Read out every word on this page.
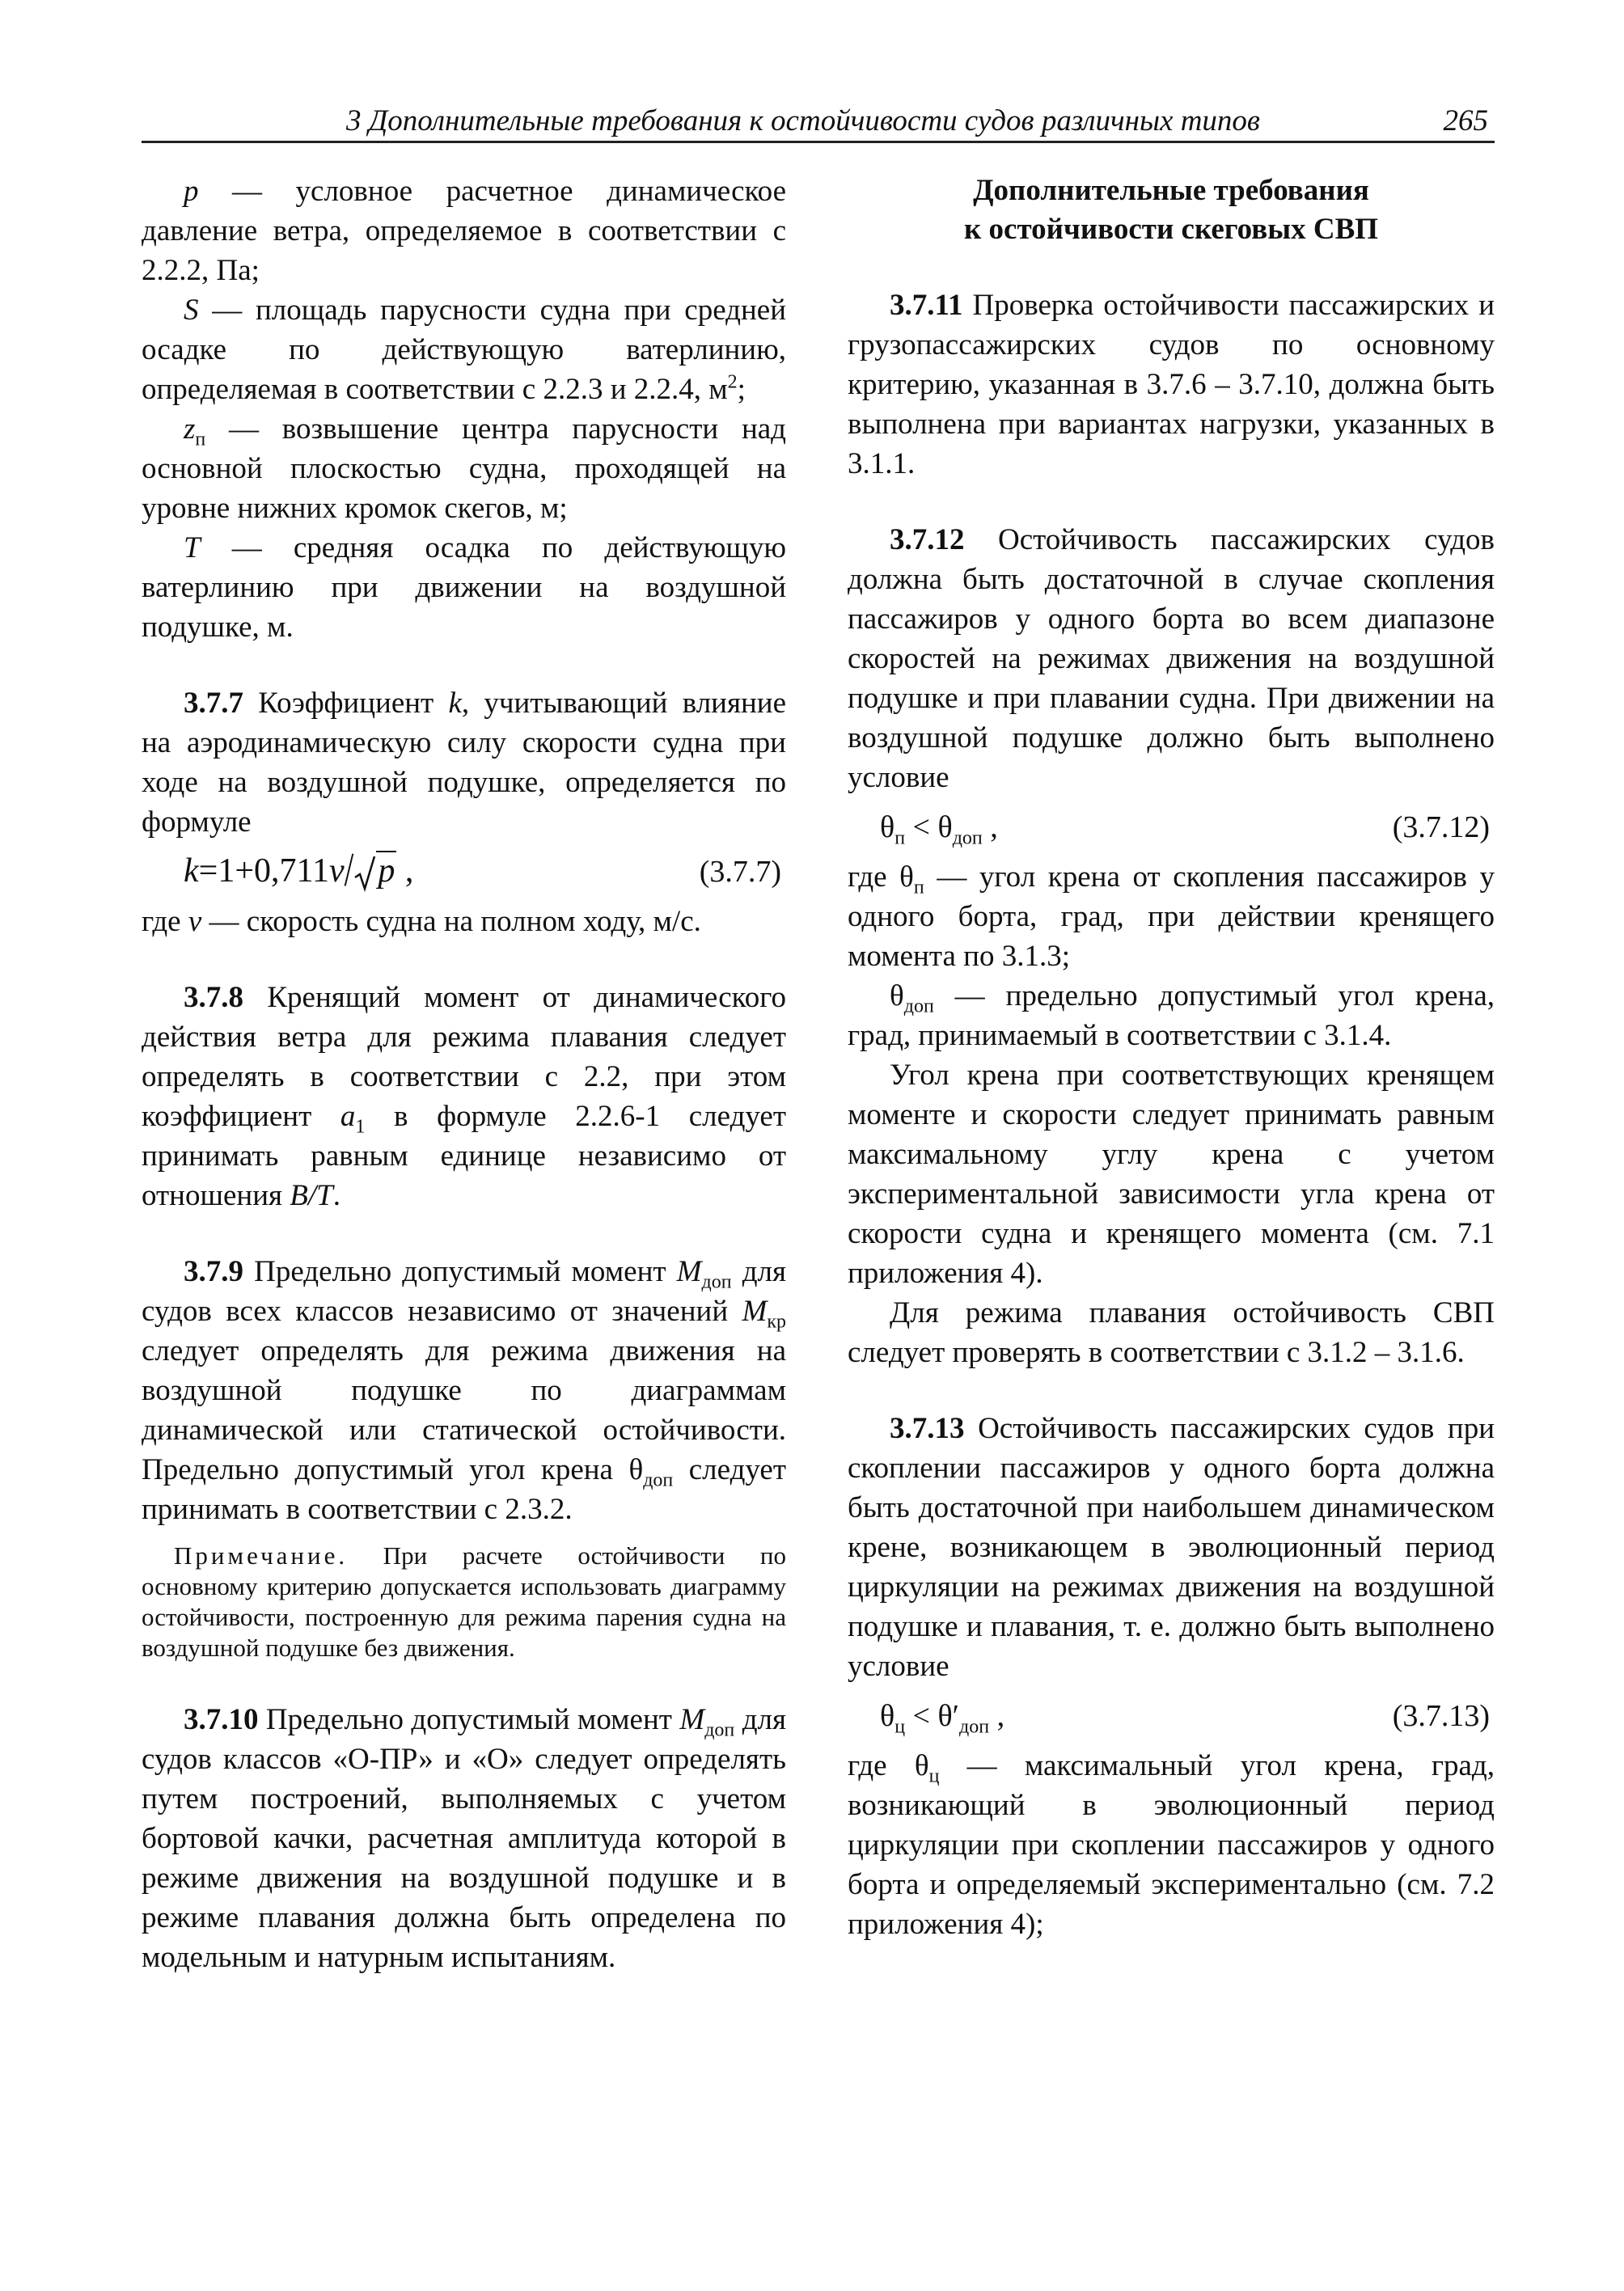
3 Дополнительные требования к остойчивости судов различных типов	265

p — условное расчетное динамическое давление ветра, определяемое в соответствии с 2.2.2, Па;

S — площадь парусности судна при средней осадке по действующую ватерлинию, определяемая в соответствии с 2.2.3 и 2.2.4, $м^2$;

$z_п$ — возвышение центра парусности над основной плоскостью судна, проходящей на уровне нижних кромок скегов, м;

T — средняя осадка по действующую ватерлинию при движении на воздушной подушке, м.

3.7.7 Коэффициент k, учитывающий влияние на аэродинамическую силу скорости судна при ходе на воздушной подушке, определяется по формуле

k=1+0,711v/ p ,	(3.7.7)

где v — скорость судна на полном ходу, м/с.

3.7.8 Кренящий момент от динамического действия ветра для режима плавания следует определять в соответствии с 2.2, при этом коэффициент $a_1$ в формуле 2.2.6-1 следует принимать равным единице независимо от отношения B/T.

3.7.9 Предельно допустимый момент $M_{доп}$ для судов всех классов независимо от значений $M_{кр}$ следует определять для режима движения на воздушной подушке по диаграммам динамической или статической остойчивости. Предельно допустимый угол крена $\theta_{доп}$ следует принимать в соответствии с 2.3.2.

Примечание. При расчете остойчивости по основному критерию допускается использовать диаграмму остойчивости, построенную для режима парения судна на воздушной подушке без движения.

3.7.10 Предельно допустимый момент $M_{доп}$ для судов классов «О-ПР» и «О» следует определять путем построений, выполняемых с учетом бортовой качки, расчетная амплитуда которой в режиме движения на воздушной подушке и в режиме плавания должна быть определена по модельным и натурным испытаниям.

Дополнительные требования
к остойчивости скеговых СВП

3.7.11 Проверка остойчивости пассажирских и грузопассажирских судов по основному критерию, указанная в 3.7.6 – 3.7.10, должна быть выполнена при вариантах нагрузки, указанных в 3.1.1.

3.7.12 Остойчивость пассажирских судов должна быть достаточной в случае скопления пассажиров у одного борта во всем диапазоне скоростей на режимах движения на воздушной подушке и при плавании судна. При движении на воздушной подушке должно быть выполнено условие

$\theta_п < \theta_{доп}$ ,	(3.7.12)

где $\theta_п$ — угол крена от скопления пассажиров у одного борта, град, при действии кренящего момента по 3.1.3;

$\theta_{доп}$ — предельно допустимый угол крена, град, принимаемый в соответствии с 3.1.4.

Угол крена при соответствующих кренящем моменте и скорости следует принимать равным максимальному углу крена с учетом экспериментальной зависимости угла крена от скорости судна и кренящего момента (см. 7.1 приложения 4).

Для режима плавания остойчивость СВП следует проверять в соответствии с 3.1.2 – 3.1.6.

3.7.13 Остойчивость пассажирских судов при скоплении пассажиров у одного борта должна быть достаточной при наибольшем динамическом крене, возникающем в эволюционный период циркуляции на режимах движения на воздушной подушке и плавания, т. е. должно быть выполнено условие

$\theta_ц < \theta'_{доп}$ ,	(3.7.13)

где $\theta_ц$ — максимальный угол крена, град, возникающий в эволюционный период циркуляции при скоплении пассажиров у одного борта и определяемый экспериментально (см. 7.2 приложения 4);
